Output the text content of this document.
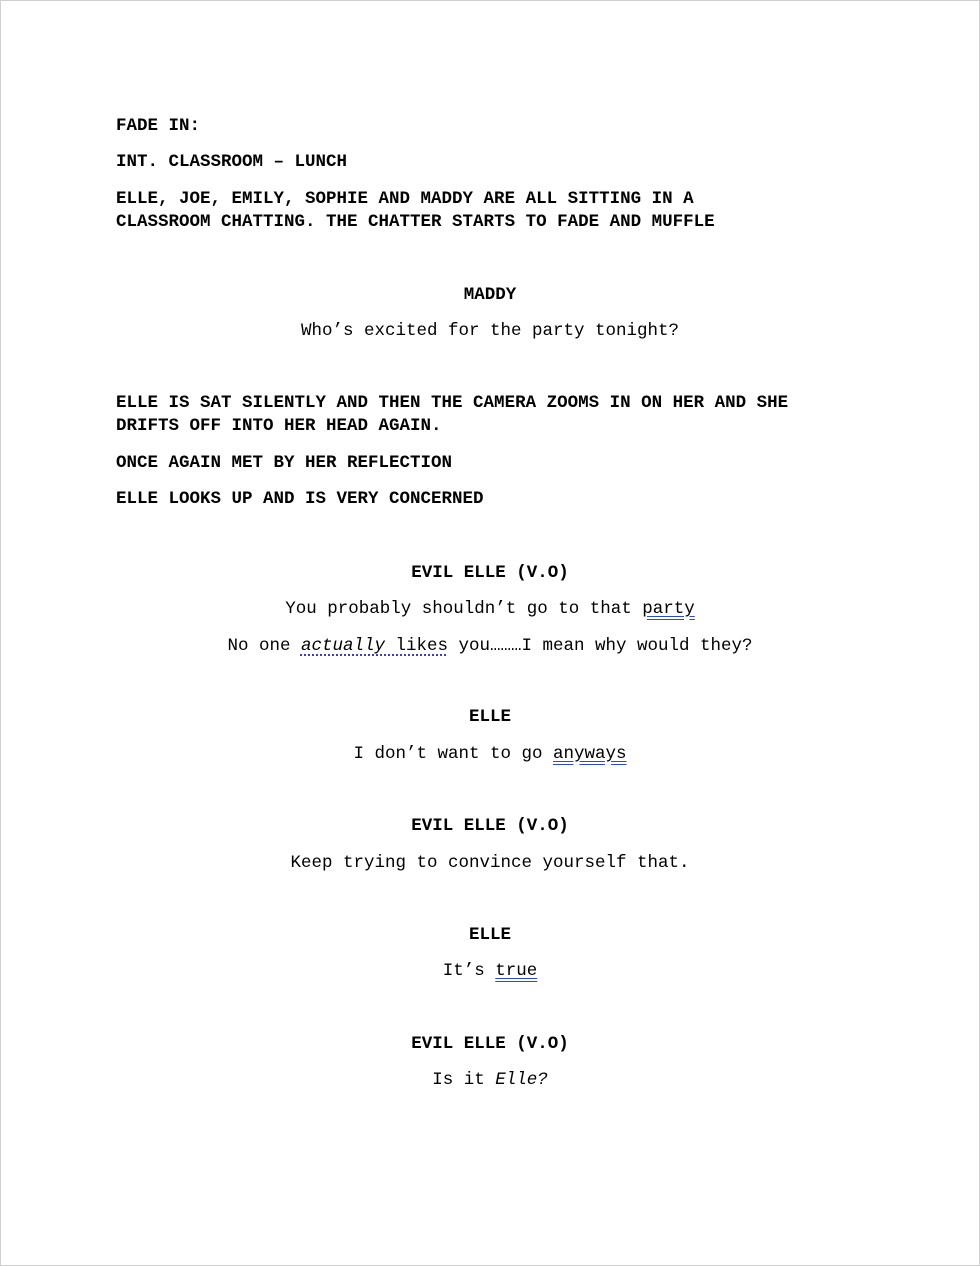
FADE IN:
INT. CLASSROOM – LUNCH
ELLE, JOE, EMILY, SOPHIE AND MADDY ARE ALL SITTING IN A
CLASSROOM CHATTING. THE CHATTER STARTS TO FADE AND MUFFLE
MADDY
Who’s excited for the party tonight?
ELLE IS SAT SILENTLY AND THEN THE CAMERA ZOOMS IN ON HER AND SHE
DRIFTS OFF INTO HER HEAD AGAIN.
ONCE AGAIN MET BY HER REFLECTION
ELLE LOOKS UP AND IS VERY CONCERNED
EVIL ELLE (V.O)
You probably shouldn’t go to that party
No one actually likes you………I mean why would they?
ELLE
I don’t want to go anyways
EVIL ELLE (V.O)
Keep trying to convince yourself that.
ELLE
It’s true
EVIL ELLE (V.O)
Is it Elle?
